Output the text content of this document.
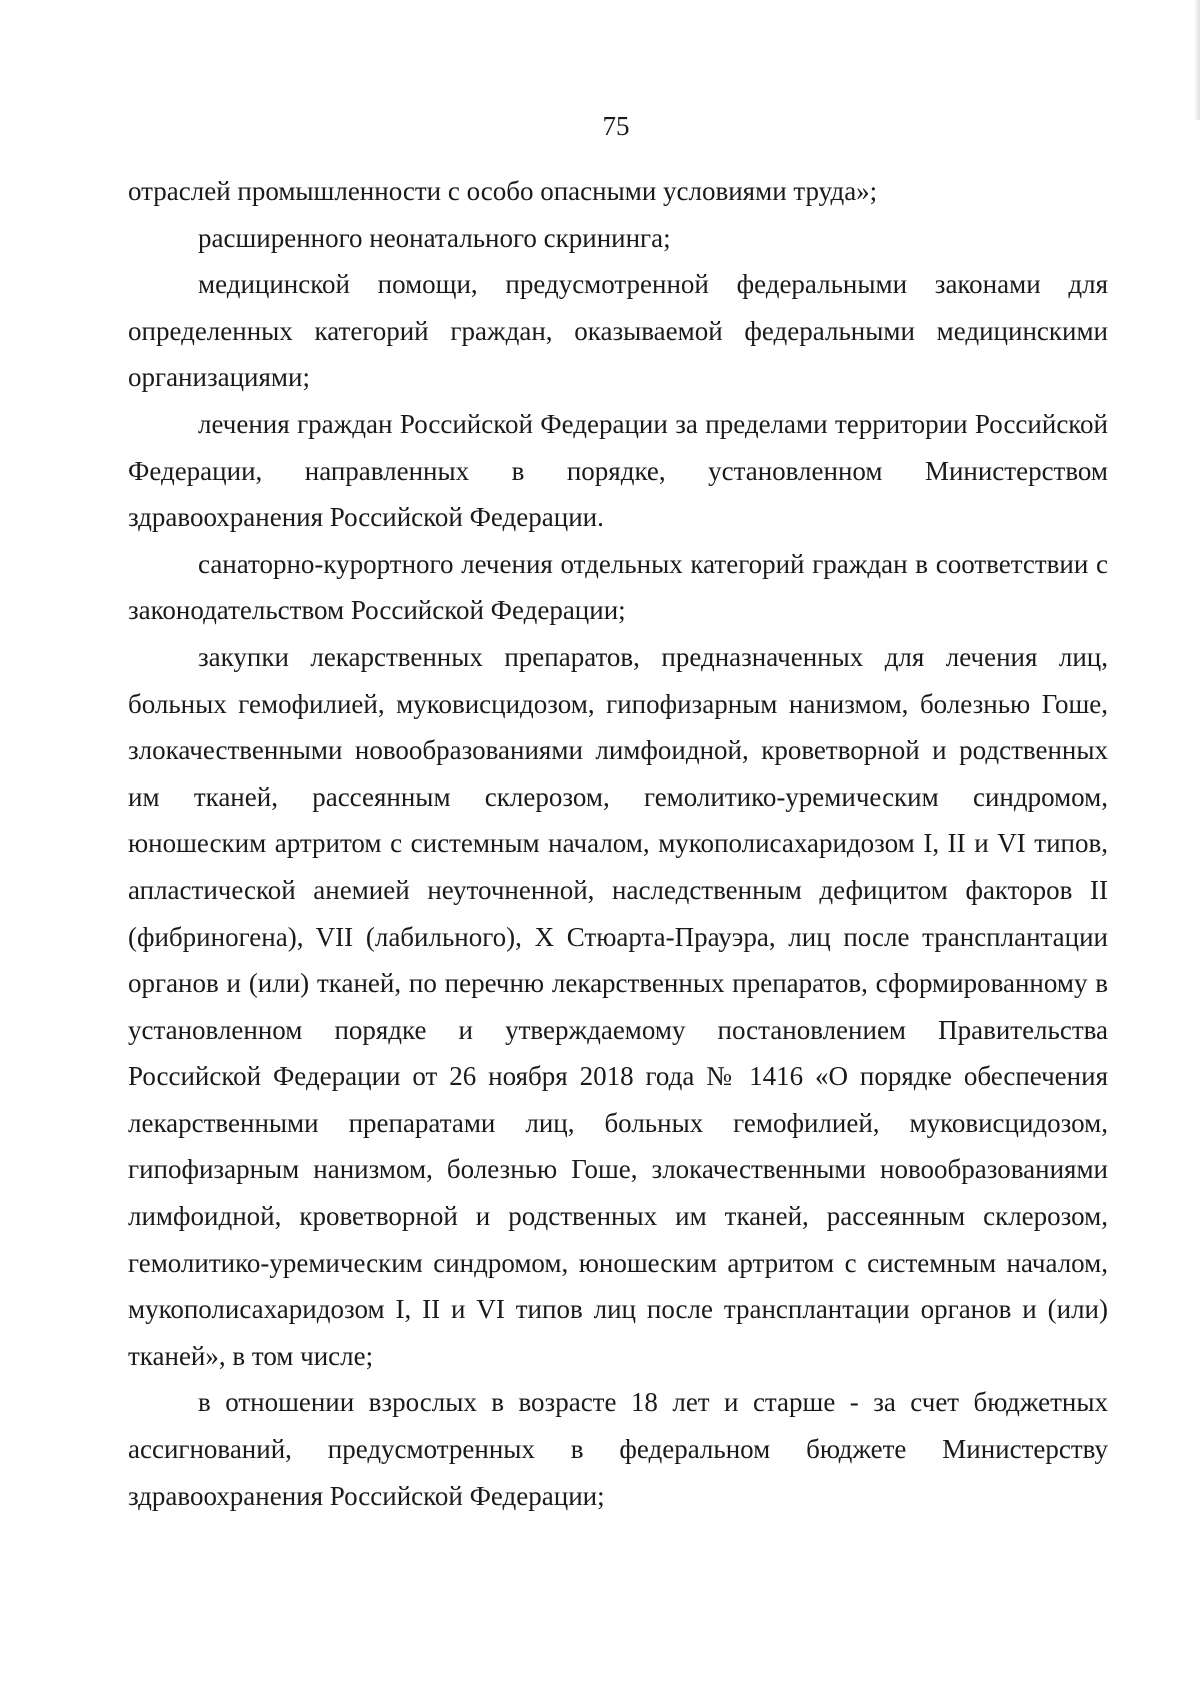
75

отраслей промышленности с особо опасными условиями труда»;

расширенного неонатального скрининга;

медицинской помощи, предусмотренной федеральными законами для определенных категорий граждан, оказываемой федеральными медицинскими организациями;

лечения граждан Российской Федерации за пределами территории Российской Федерации, направленных в порядке, установленном Министерством здравоохранения Российской Федерации.

санаторно-курортного лечения отдельных категорий граждан в соответствии с законодательством Российской Федерации;

закупки лекарственных препаратов, предназначенных для лечения лиц, больных гемофилией, муковисцидозом, гипофизарным нанизмом, болезнью Гоше, злокачественными новообразованиями лимфоидной, кроветворной и родственных им тканей, рассеянным склерозом, гемолитико-уремическим синдромом, юношеским артритом с системным началом, мукополисахаридозом I, II и VI типов, апластической анемией неуточненной, наследственным дефицитом факторов II (фибриногена), VII (лабильного), X Стюарта-Прауэра, лиц после трансплантации органов и (или) тканей, по перечню лекарственных препаратов, сформированному в установленном порядке и утверждаемому постановлением Правительства Российской Федерации от 26 ноября 2018 года № 1416 «О порядке обеспечения лекарственными препаратами лиц, больных гемофилией, муковисцидозом, гипофизарным нанизмом, болезнью Гоше, злокачественными новообразованиями лимфоидной, кроветворной и родственных им тканей, рассеянным склерозом, гемолитико-уремическим синдромом, юношеским артритом с системным началом, мукополисахаридозом I, II и VI типов лиц после трансплантации органов и (или) тканей», в том числе;

в отношении взрослых в возрасте 18 лет и старше - за счет бюджетных ассигнований, предусмотренных в федеральном бюджете Министерству здравоохранения Российской Федерации;
